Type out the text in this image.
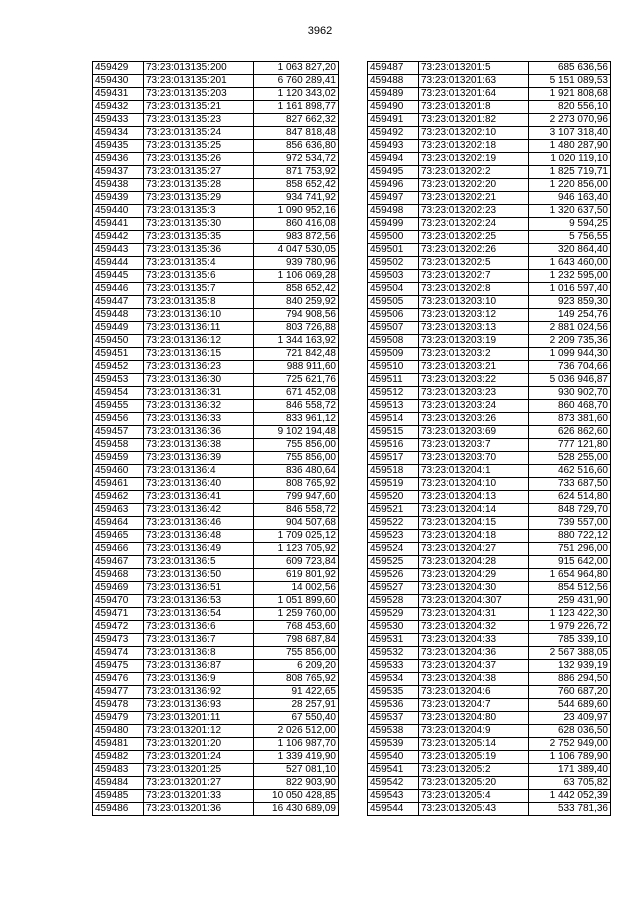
3962
459429	73:23:013135:200	1 063 827,20
459430	73:23:013135:201	6 760 289,41
459431	73:23:013135:203	1 120 343,02
459432	73:23:013135:21	1 161 898,77
459433	73:23:013135:23	827 662,32
459434	73:23:013135:24	847 818,48
459435	73:23:013135:25	856 636,80
459436	73:23:013135:26	972 534,72
459437	73:23:013135:27	871 753,92
459438	73:23:013135:28	858 652,42
459439	73:23:013135:29	934 741,92
459440	73:23:013135:3	1 090 952,16
459441	73:23:013135:30	860 416,08
459442	73:23:013135:35	983 872,56
459443	73:23:013135:36	4 047 530,05
459444	73:23:013135:4	939 780,96
459445	73:23:013135:6	1 106 069,28
459446	73:23:013135:7	858 652,42
459447	73:23:013135:8	840 259,92
459448	73:23:013136:10	794 908,56
459449	73:23:013136:11	803 726,88
459450	73:23:013136:12	1 344 163,92
459451	73:23:013136:15	721 842,48
459452	73:23:013136:23	988 911,60
459453	73:23:013136:30	725 621,76
459454	73:23:013136:31	671 452,08
459455	73:23:013136:32	846 558,72
459456	73:23:013136:33	833 961,12
459457	73:23:013136:36	9 102 194,48
459458	73:23:013136:38	755 856,00
459459	73:23:013136:39	755 856,00
459460	73:23:013136:4	836 480,64
459461	73:23:013136:40	808 765,92
459462	73:23:013136:41	799 947,60
459463	73:23:013136:42	846 558,72
459464	73:23:013136:46	904 507,68
459465	73:23:013136:48	1 709 025,12
459466	73:23:013136:49	1 123 705,92
459467	73:23:013136:5	609 723,84
459468	73:23:013136:50	619 801,92
459469	73:23:013136:51	14 002,56
459470	73:23:013136:53	1 051 899,60
459471	73:23:013136:54	1 259 760,00
459472	73:23:013136:6	768 453,60
459473	73:23:013136:7	798 687,84
459474	73:23:013136:8	755 856,00
459475	73:23:013136:87	6 209,20
459476	73:23:013136:9	808 765,92
459477	73:23:013136:92	91 422,65
459478	73:23:013136:93	28 257,91
459479	73:23:013201:11	67 550,40
459480	73:23:013201:12	2 026 512,00
459481	73:23:013201:20	1 106 987,70
459482	73:23:013201:24	1 339 419,90
459483	73:23:013201:25	527 081,10
459484	73:23:013201:27	822 903,90
459485	73:23:013201:33	10 050 428,85
459486	73:23:013201:36	16 430 689,09
459487	73:23:013201:5	685 636,56
459488	73:23:013201:63	5 151 089,53
459489	73:23:013201:64	1 921 808,68
459490	73:23:013201:8	820 556,10
459491	73:23:013201:82	2 273 070,96
459492	73:23:013202:10	3 107 318,40
459493	73:23:013202:18	1 480 287,90
459494	73:23:013202:19	1 020 119,10
459495	73:23:013202:2	1 825 719,71
459496	73:23:013202:20	1 220 856,00
459497	73:23:013202:21	946 163,40
459498	73:23:013202:23	1 320 637,50
459499	73:23:013202:24	9 594,25
459500	73:23:013202:25	5 756,55
459501	73:23:013202:26	320 864,40
459502	73:23:013202:5	1 643 460,00
459503	73:23:013202:7	1 232 595,00
459504	73:23:013202:8	1 016 597,40
459505	73:23:013203:10	923 859,30
459506	73:23:013203:12	149 254,76
459507	73:23:013203:13	2 881 024,56
459508	73:23:013203:19	2 209 735,36
459509	73:23:013203:2	1 099 944,30
459510	73:23:013203:21	736 704,66
459511	73:23:013203:22	5 036 946,87
459512	73:23:013203:23	930 902,70
459513	73:23:013203:24	860 468,70
459514	73:23:013203:26	873 381,60
459515	73:23:013203:69	626 862,60
459516	73:23:013203:7	777 121,80
459517	73:23:013203:70	528 255,00
459518	73:23:013204:1	462 516,60
459519	73:23:013204:10	733 687,50
459520	73:23:013204:13	624 514,80
459521	73:23:013204:14	848 729,70
459522	73:23:013204:15	739 557,00
459523	73:23:013204:18	880 722,12
459524	73:23:013204:27	751 296,00
459525	73:23:013204:28	915 642,00
459526	73:23:013204:29	1 654 964,80
459527	73:23:013204:30	854 512,56
459528	73:23:013204:307	259 431,90
459529	73:23:013204:31	1 123 422,30
459530	73:23:013204:32	1 979 226,72
459531	73:23:013204:33	785 339,10
459532	73:23:013204:36	2 567 388,05
459533	73:23:013204:37	132 939,19
459534	73:23:013204:38	886 294,50
459535	73:23:013204:6	760 687,20
459536	73:23:013204:7	544 689,60
459537	73:23:013204:80	23 409,97
459538	73:23:013204:9	628 036,50
459539	73:23:013205:14	2 752 949,00
459540	73:23:013205:19	1 106 789,90
459541	73:23:013205:2	171 389,40
459542	73:23:013205:20	63 705,82
459543	73:23:013205:4	1 442 052,39
459544	73:23:013205:43	533 781,36
